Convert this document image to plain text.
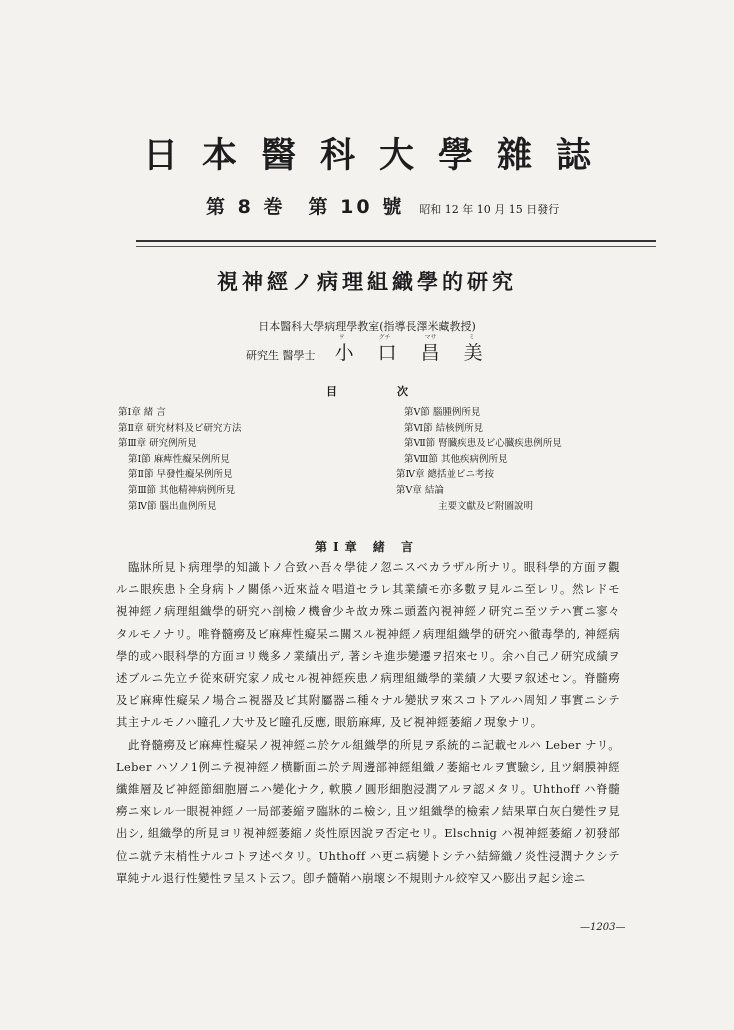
日本醫科大學雜誌
第 8 巻 第 10 號 昭和 12 年 10 月 15 日發行
視神經ノ病理組織學的研究
日本醫科大學病理學教室(指導長澤米藏教授)
研究生 醫學士
ヲ	グチ	マサ	ミ
小口昌美
目次
第Ⅰ章 緒 言
第Ⅱ章 研究材料及ビ研究方法
第Ⅲ章 研究例所見
第Ⅰ節 麻痺性癡呆例所見
第Ⅱ節 早發性癡呆例所見
第Ⅲ節 其他精神病例所見
第Ⅳ節 腦出血例所見
第Ⅴ節 腦腫例所見
第Ⅵ節 結核例所見
第Ⅶ節 腎臓疾患及ビ心臓疾患例所見
第Ⅷ節 其他疾病例所見
第Ⅳ章 總括並ビニ考按
第Ⅴ章 結論
主要文獻及ビ附圖說明
第Ⅰ章 緒 言

臨牀所見ト病理學的知識トノ合致ハ吾々學徒ノ忽ニスベカラザル所ナリ。眼科學的方面ヲ觀ルニ眼疾患ト全身病トノ關係ハ近來益々唱道セラレ其業績モ亦多數ヲ見ルニ至レリ。然レドモ視神經ノ病理組織學的研究ハ剖檢ノ機會少キ故カ殊ニ頭蓋內視神經ノ研究ニ至ツテハ實ニ寥々タルモノナリ。唯脊髓癆及ビ麻痺性癡呆ニ關スル視神經ノ病理組織學的研究ハ徹毒學的, 神經病學的或ハ眼科學的方面ヨリ幾多ノ業績出デ, 著シキ進歩變遷ヲ招來セリ。余ハ自己ノ研究成績ヲ述ブルニ先立チ從來研究家ノ成セル視神經疾患ノ病理組織學的業績ノ大要ヲ叙述セン。脊髓癆及ビ麻痺性癡呆ノ場合ニ視器及ビ其附屬器ニ種々ナル變狀ヲ來スコトアルハ周知ノ事實ニシテ其主ナルモノハ瞳孔ノ大サ及ビ瞳孔反應, 眼筋麻痺, 及ビ視神經萎縮ノ現象ナリ。

此脊髓癆及ビ麻痺性癡呆ノ視神經ニ於ケル組織學的所見ヲ系統的ニ記載セルハ Leber ナリ。Leber ハソノ1例ニテ視神經ノ横斷面ニ於テ周邊部神經組織ノ萎縮セルヲ實驗シ, 且ツ網膜神經纖維層及ビ神經節細胞層ニハ變化ナク, 軟膜ノ圓形細胞浸潤アルヲ認メタリ。Uhthoff ハ脊髓癆ニ來レル一眼視神經ノ一局部萎縮ヲ臨牀的ニ檢シ, 且ツ組織學的檢索ノ結果單白灰白變性ヲ見出シ, 組織學的所見ヨリ視神經萎縮ノ炎性原因說ヲ否定セリ。Elschnig ハ視神經萎縮ノ初發部位ニ就テ末梢性ナルコトヲ述ベタリ。Uhthoff ハ更ニ病變トシテハ結締織ノ炎性浸潤ナクシテ單純ナル退行性變性ヲ呈スト云フ。卽チ髓鞘ハ崩壞シ不規則ナル絞窄又ハ膨出ヲ起シ途ニ

—1203—
